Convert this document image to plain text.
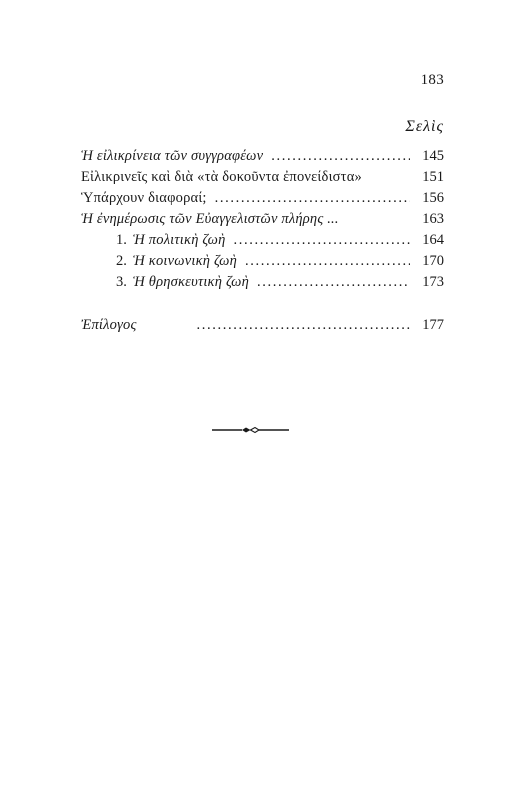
183
Σελὶς
Ἡ εἰλικρίνεια τῶν συγγραφέων . . .	145
Εἰλικρινεῖς καὶ διὰ «τὰ δοκοῦντα ἐπονείδιστα»	151
Ὑπάρχουν διαφοραί; . . .	156
Ἡ ἐνημέρωσις τῶν Εὐαγγελιστῶν πλήρης ...	163
1. Ἡ πολιτικὴ ζωὴ . . .	164
2. Ἡ κοινωνικὴ ζωὴ . . .	170
3. Ἡ θρησκευτικὴ ζωὴ . . .	173
Ἐπίλογος . . .	177
